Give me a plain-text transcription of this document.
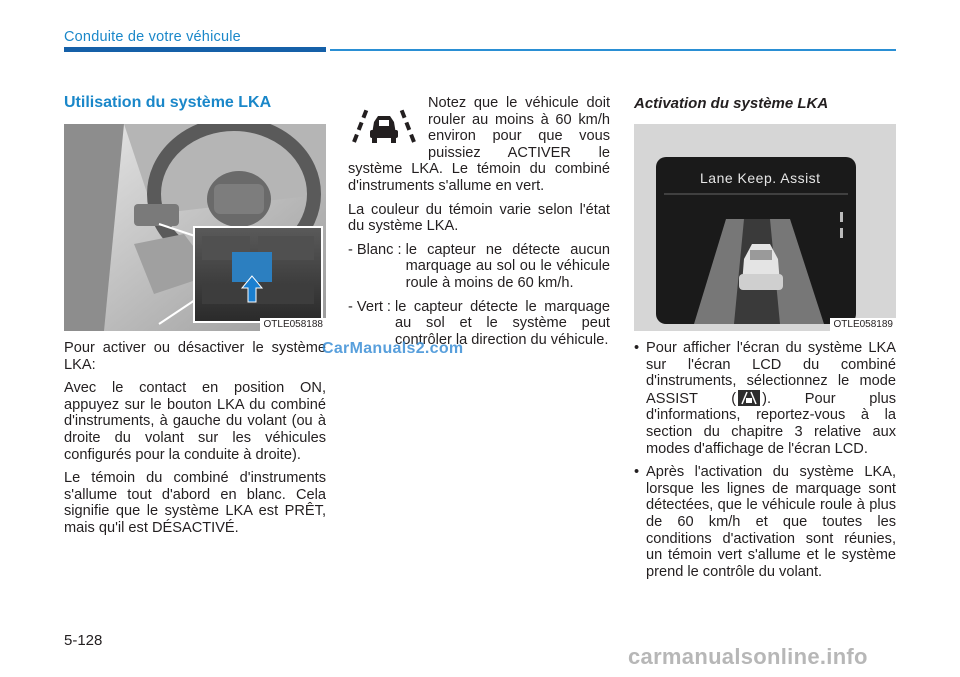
Conduite de votre véhicule
Utilisation du système LKA
OTLE058188

Pour activer ou désactiver le système LKA:

Avec le contact en position ON, appuyez sur le bouton LKA du combiné d'instruments, à gauche du volant (ou à droite du volant sur les véhicules configurés pour la conduite à droite).

Le témoin du combiné d'instruments s'allume tout d'abord en blanc. Cela signifie que le système LKA est PRÊT, mais qu'il est DÉSACTIVÉ.

Notez que le véhicule doit rouler au moins à 60 km/h environ pour que vous puissiez ACTIVER le système LKA. Le témoin du combiné d'instruments s'allume en vert.

La couleur du témoin varie selon l'état du système LKA.

- Blanc : le capteur ne détecte aucun marquage au sol ou le véhicule roule à moins de 60 km/h.
- Vert : le capteur détecte le marquage au sol et le système peut contrôler la direction du véhicule.
Activation du système LKA
Lane Keep. Assist
OTLE058189
• Pour afficher l'écran du système LKA sur l'écran LCD du combiné d'instruments, sélectionnez le mode ASSIST ( ). Pour plus d'informations, reportez-vous à la section du chapitre 3 relative aux modes d'affichage de l'écran LCD.
• Après l'activation du système LKA, lorsque les lignes de marquage sont détectées, que le véhicule roule à plus de 60 km/h et que toutes les conditions d'activation sont réunies, un témoin vert s'allume et le système prend le contrôle du volant.
CarManuals2.com
5-128
carmanualsonline.info
